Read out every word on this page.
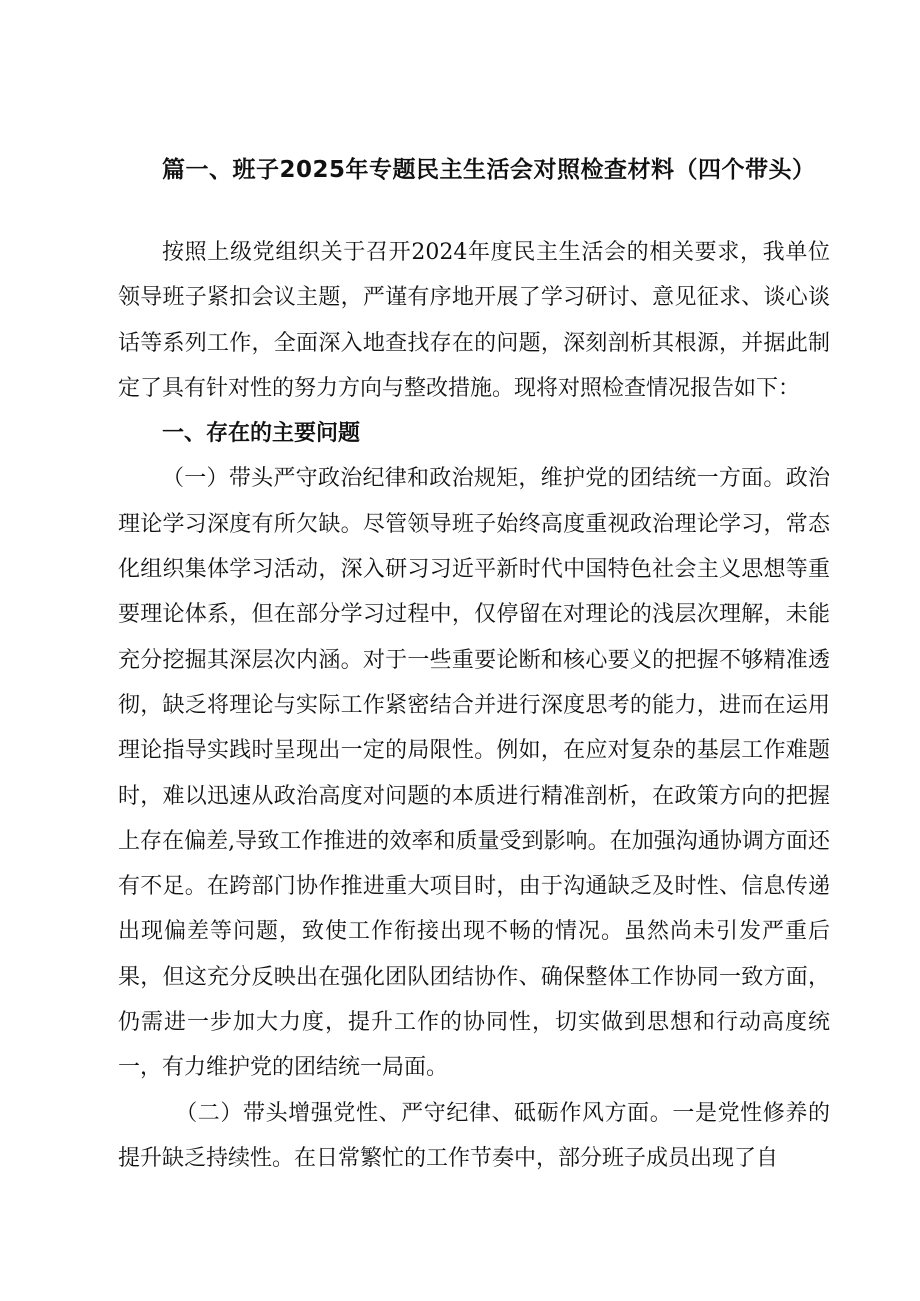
篇一、班子2025年专题民主生活会对照检查材料（四个带头）

按照上级党组织关于召开2024年度民主生活会的相关要求，我单位领导班子紧扣会议主题，严谨有序地开展了学习研讨、意见征求、谈心谈话等系列工作，全面深入地查找存在的问题，深刻剖析其根源，并据此制定了具有针对性的努力方向与整改措施。现将对照检查情况报告如下：

一、存在的主要问题

（一）带头严守政治纪律和政治规矩，维护党的团结统一方面。政治理论学习深度有所欠缺。尽管领导班子始终高度重视政治理论学习，常态化组织集体学习活动，深入研习习近平新时代中国特色社会主义思想等重要理论体系，但在部分学习过程中，仅停留在对理论的浅层次理解，未能充分挖掘其深层次内涵。对于一些重要论断和核心要义的把握不够精准透彻，缺乏将理论与实际工作紧密结合并进行深度思考的能力，进而在运用理论指导实践时呈现出一定的局限性。例如，在应对复杂的基层工作难题时，难以迅速从政治高度对问题的本质进行精准剖析，在政策方向的把握上存在偏差,导致工作推进的效率和质量受到影响。在加强沟通协调方面还有不足。在跨部门协作推进重大项目时，由于沟通缺乏及时性、信息传递出现偏差等问题，致使工作衔接出现不畅的情况。虽然尚未引发严重后果，但这充分反映出在强化团队团结协作、确保整体工作协同一致方面，仍需进一步加大力度，提升工作的协同性，切实做到思想和行动高度统一，有力维护党的团结统一局面。

（二）带头增强党性、严守纪律、砥砺作风方面。一是党性修养的提升缺乏持续性。在日常繁忙的工作节奏中，部分班子成员出现了自
